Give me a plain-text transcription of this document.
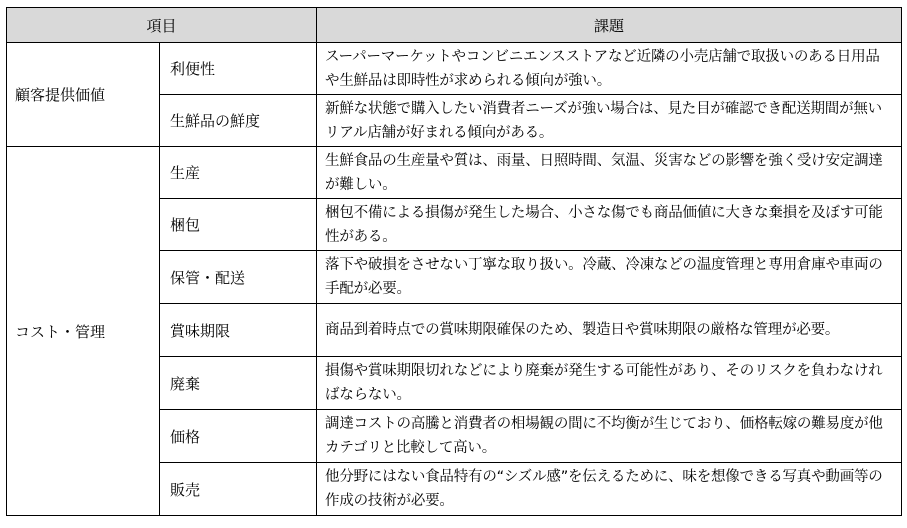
項目		課題
顧客提供価値	利便性	スーパーマーケットやコンビニエンスストアなど近隣の小売店舗で取扱いのある日用品や生鮮品は即時性が求められる傾向が強い。
	生鮮品の鮮度	新鮮な状態で購入したい消費者ニーズが強い場合は、見た目が確認でき配送期間が無いリアル店舗が好まれる傾向がある。
コスト・管理	生産	生鮮食品の生産量や質は、雨量、日照時間、気温、災害などの影響を強く受け安定調達が難しい。
	梱包	梱包不備による損傷が発生した場合、小さな傷でも商品価値に大きな棄損を及ぼす可能性がある。
	保管・配送	落下や破損をさせない丁寧な取り扱い。冷蔵、冷凍などの温度管理と専用倉庫や車両の手配が必要。
	賞味期限	商品到着時点での賞味期限確保のため、製造日や賞味期限の厳格な管理が必要。
	廃棄	損傷や賞味期限切れなどにより廃棄が発生する可能性があり、そのリスクを負わなければならない。
	価格	調達コストの高騰と消費者の相場観の間に不均衡が生じており、価格転嫁の難易度が他カテゴリと比較して高い。
	販売	他分野にはない食品特有の“シズル感”を伝えるために、味を想像できる写真や動画等の作成の技術が必要。
